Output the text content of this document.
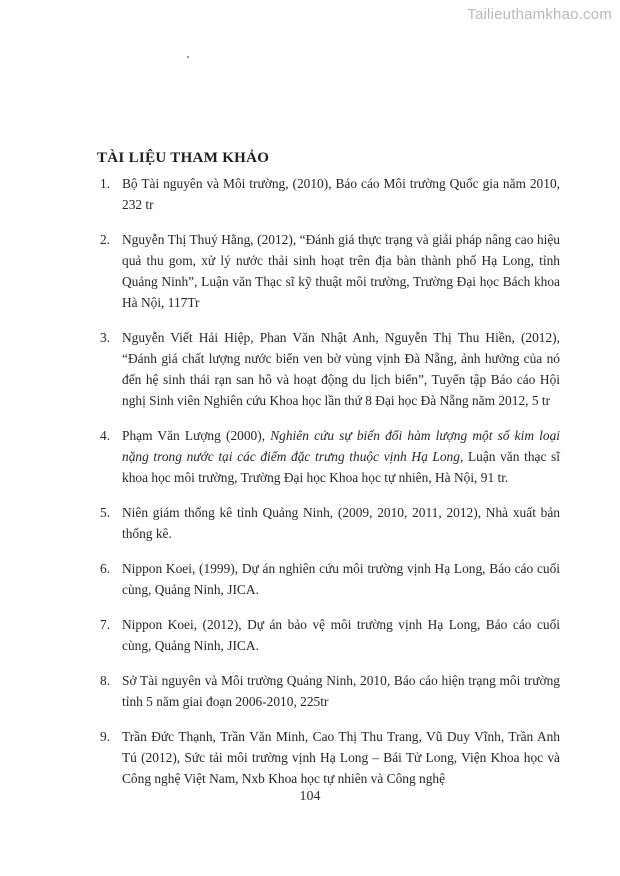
Tailieuthamkhao.com
TÀI LIỆU THAM KHẢO
1. Bộ Tài nguyên và Môi trường, (2010), Báo cáo Môi trường Quốc gia năm 2010, 232 tr
2. Nguyễn Thị Thuý Hằng, (2012), “Đánh giá thực trạng và giải pháp nâng cao hiệu quả thu gom, xử lý nước thải sinh hoạt trên địa bàn thành phố Hạ Long, tỉnh Quảng Ninh”, Luận văn Thạc sĩ kỹ thuật môi trường, Trường Đại học Bách khoa Hà Nội, 117Tr
3. Nguyễn Viết Hải Hiệp, Phan Văn Nhật Anh, Nguyễn Thị Thu Hiền, (2012), “Đánh giá chất lượng nước biển ven bờ vùng vịnh Đà Nẵng, ảnh hưởng của nó đến hệ sinh thái rạn san hô và hoạt động du lịch biển”, Tuyển tập Báo cáo Hội nghị Sinh viên Nghiên cứu Khoa học lần thứ 8 Đại học Đà Nẵng năm 2012, 5 tr
4. Phạm Văn Lượng (2000), Nghiên cứu sự biến đổi hàm lượng một số kim loại nặng trong nước tại các điểm đặc trưng thuộc vịnh Hạ Long, Luận văn thạc sĩ khoa học môi trường, Trường Đại học Khoa học tự nhiên, Hà Nội, 91 tr.
5. Niên giám thống kê tỉnh Quảng Ninh, (2009, 2010, 2011, 2012), Nhà xuất bản thống kê.
6. Nippon Koei, (1999), Dự án nghiên cứu môi trường vịnh Hạ Long, Báo cáo cuối cùng, Quảng Ninh, JICA.
7. Nippon Koei, (2012), Dự án bảo vệ môi trường vịnh Hạ Long, Báo cáo cuối cùng, Quảng Ninh, JICA.
8. Sở Tài nguyên và Môi trường Quảng Ninh, 2010, Báo cáo hiện trạng môi trường tỉnh 5 năm giai đoạn 2006-2010, 225tr
9. Trần Đức Thạnh, Trần Văn Minh, Cao Thị Thu Trang, Vũ Duy Vĩnh, Trần Anh Tú (2012), Sức tải môi trường vịnh Hạ Long – Bái Tử Long, Viện Khoa học và Công nghệ Việt Nam, Nxb Khoa học tự nhiên và Công nghệ
104
